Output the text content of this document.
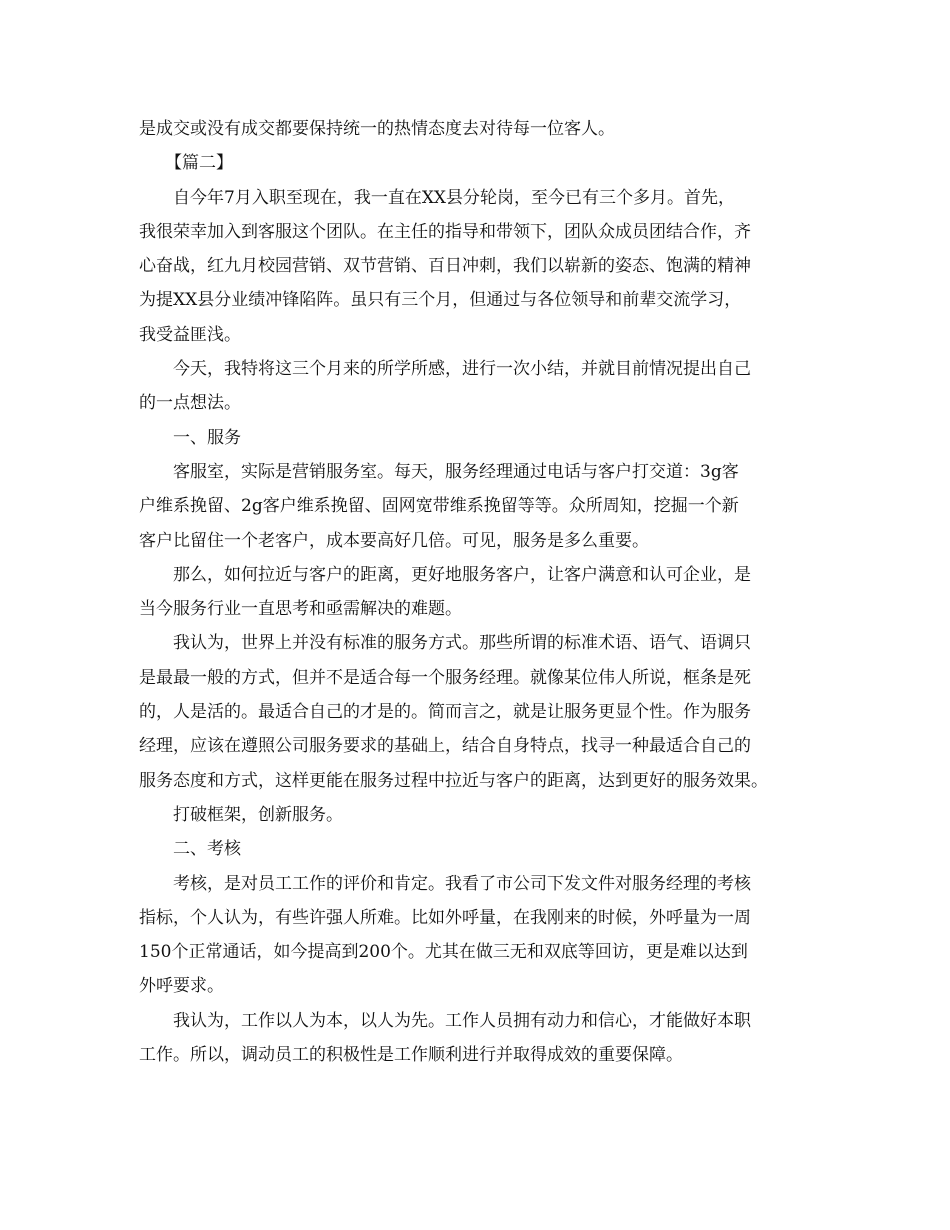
是成交或没有成交都要保持统一的热情态度去对待每一位客人。
【篇二】
自今年7月入职至现在，我一直在XX县分轮岗，至今已有三个多月。首先，
我很荣幸加入到客服这个团队。在主任的指导和带领下，团队众成员团结合作，齐
心奋战，红九月校园营销、双节营销、百日冲刺，我们以崭新的姿态、饱满的精神
为提XX县分业绩冲锋陷阵。虽只有三个月，但通过与各位领导和前辈交流学习，
我受益匪浅。
今天，我特将这三个月来的所学所感，进行一次小结，并就目前情况提出自己
的一点想法。
一、服务
客服室，实际是营销服务室。每天，服务经理通过电话与客户打交道：3g客
户维系挽留、2g客户维系挽留、固网宽带维系挽留等等。众所周知，挖掘一个新
客户比留住一个老客户，成本要高好几倍。可见，服务是多么重要。
那么，如何拉近与客户的距离，更好地服务客户，让客户满意和认可企业，是
当今服务行业一直思考和亟需解决的难题。
我认为，世界上并没有标准的服务方式。那些所谓的标准术语、语气、语调只
是最最一般的方式，但并不是适合每一个服务经理。就像某位伟人所说，框条是死
的，人是活的。最适合自己的才是的。简而言之，就是让服务更显个性。作为服务
经理，应该在遵照公司服务要求的基础上，结合自身特点，找寻一种最适合自己的
服务态度和方式，这样更能在服务过程中拉近与客户的距离，达到更好的服务效果。
打破框架，创新服务。
二、考核
考核，是对员工工作的评价和肯定。我看了市公司下发文件对服务经理的考核
指标，个人认为，有些许强人所难。比如外呼量，在我刚来的时候，外呼量为一周
150个正常通话，如今提高到200个。尤其在做三无和双底等回访，更是难以达到
外呼要求。
我认为，工作以人为本，以人为先。工作人员拥有动力和信心，才能做好本职
工作。所以，调动员工的积极性是工作顺利进行并取得成效的重要保障。
